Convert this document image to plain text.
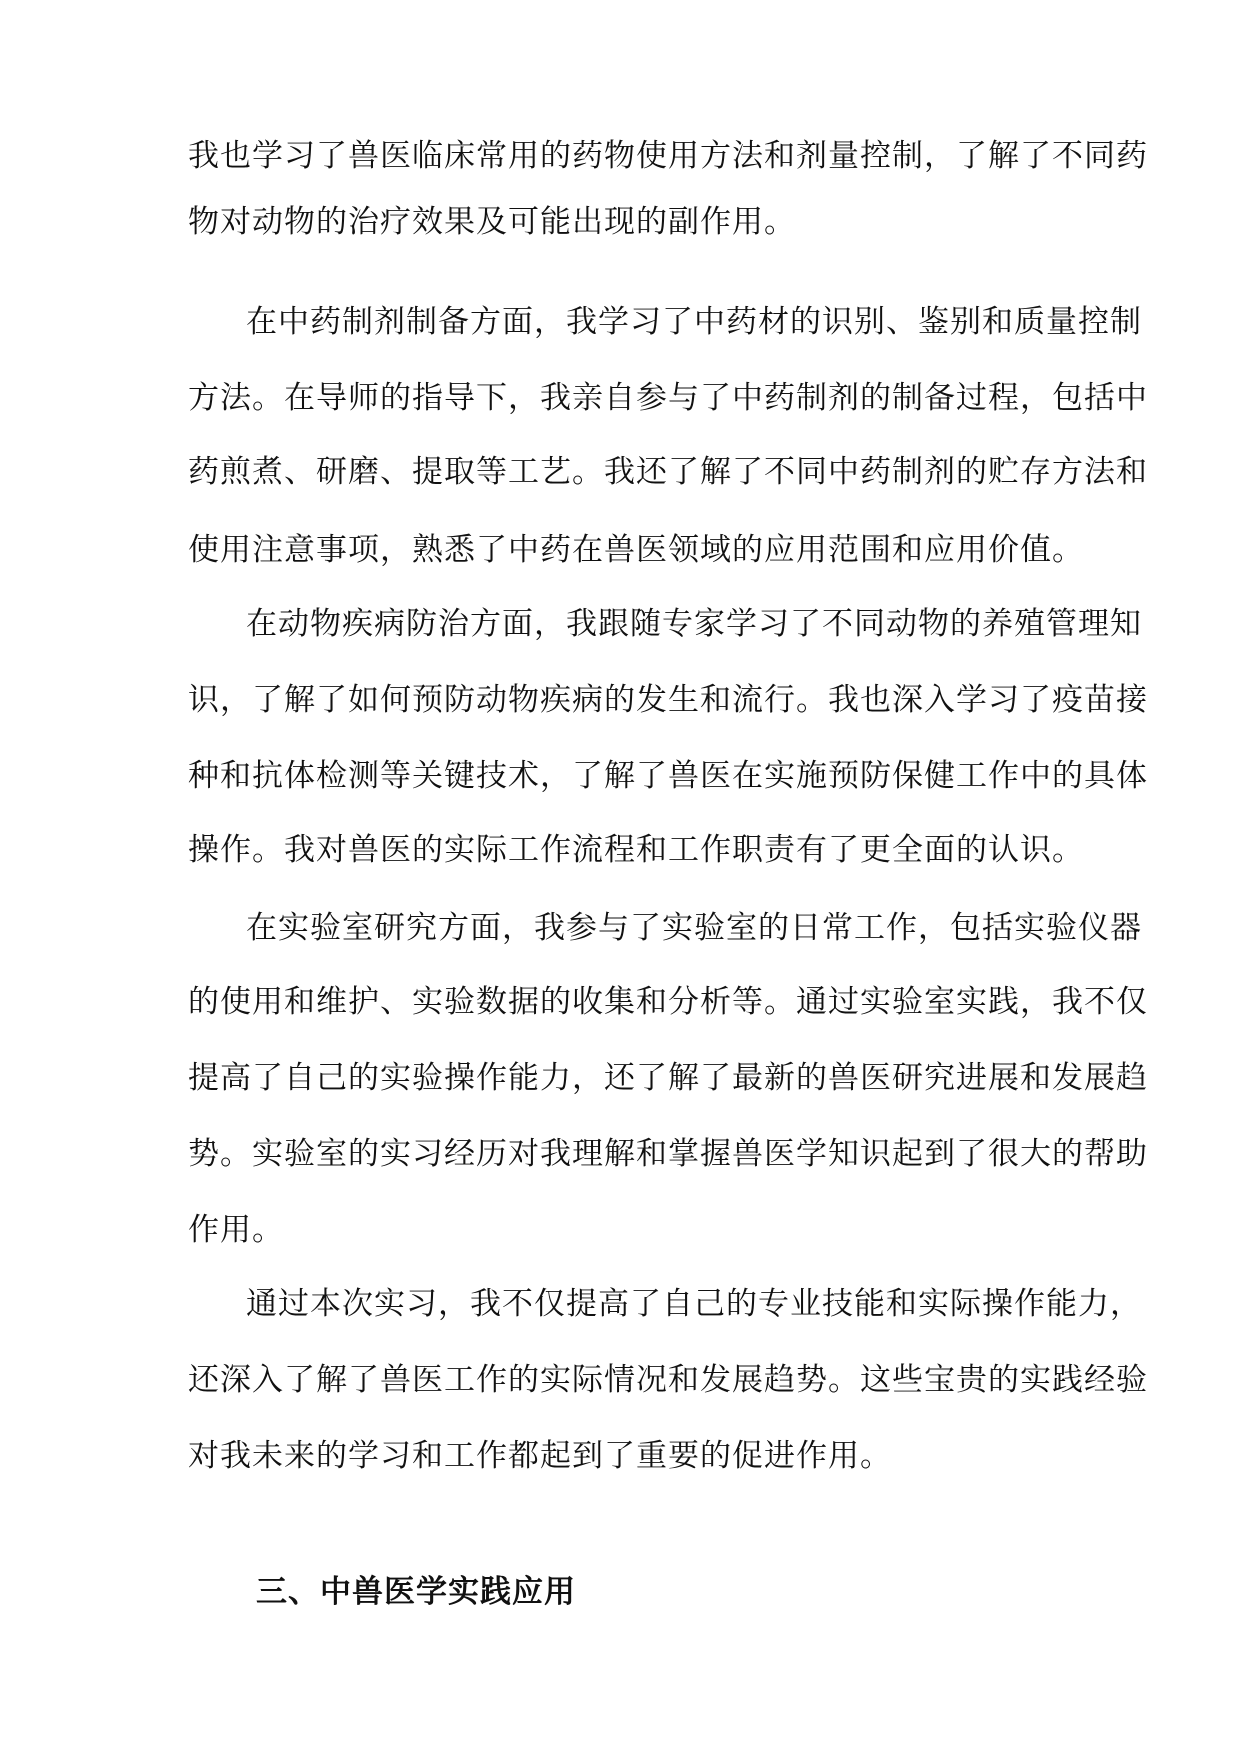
我也学习了兽医临床常用的药物使用方法和剂量控制，了解了不同药
物对动物的治疗效果及可能出现的副作用。
在中药制剂制备方面，我学习了中药材的识别、鉴别和质量控制
方法。在导师的指导下，我亲自参与了中药制剂的制备过程，包括中
药煎煮、研磨、提取等工艺。我还了解了不同中药制剂的贮存方法和
使用注意事项，熟悉了中药在兽医领域的应用范围和应用价值。
在动物疾病防治方面，我跟随专家学习了不同动物的养殖管理知
识，了解了如何预防动物疾病的发生和流行。我也深入学习了疫苗接
种和抗体检测等关键技术，了解了兽医在实施预防保健工作中的具体
操作。我对兽医的实际工作流程和工作职责有了更全面的认识。
在实验室研究方面，我参与了实验室的日常工作，包括实验仪器
的使用和维护、实验数据的收集和分析等。通过实验室实践，我不仅
提高了自己的实验操作能力，还了解了最新的兽医研究进展和发展趋
势。实验室的实习经历对我理解和掌握兽医学知识起到了很大的帮助
作用。
通过本次实习，我不仅提高了自己的专业技能和实际操作能力，
还深入了解了兽医工作的实际情况和发展趋势。这些宝贵的实践经验
对我未来的学习和工作都起到了重要的促进作用。
三、中兽医学实践应用
